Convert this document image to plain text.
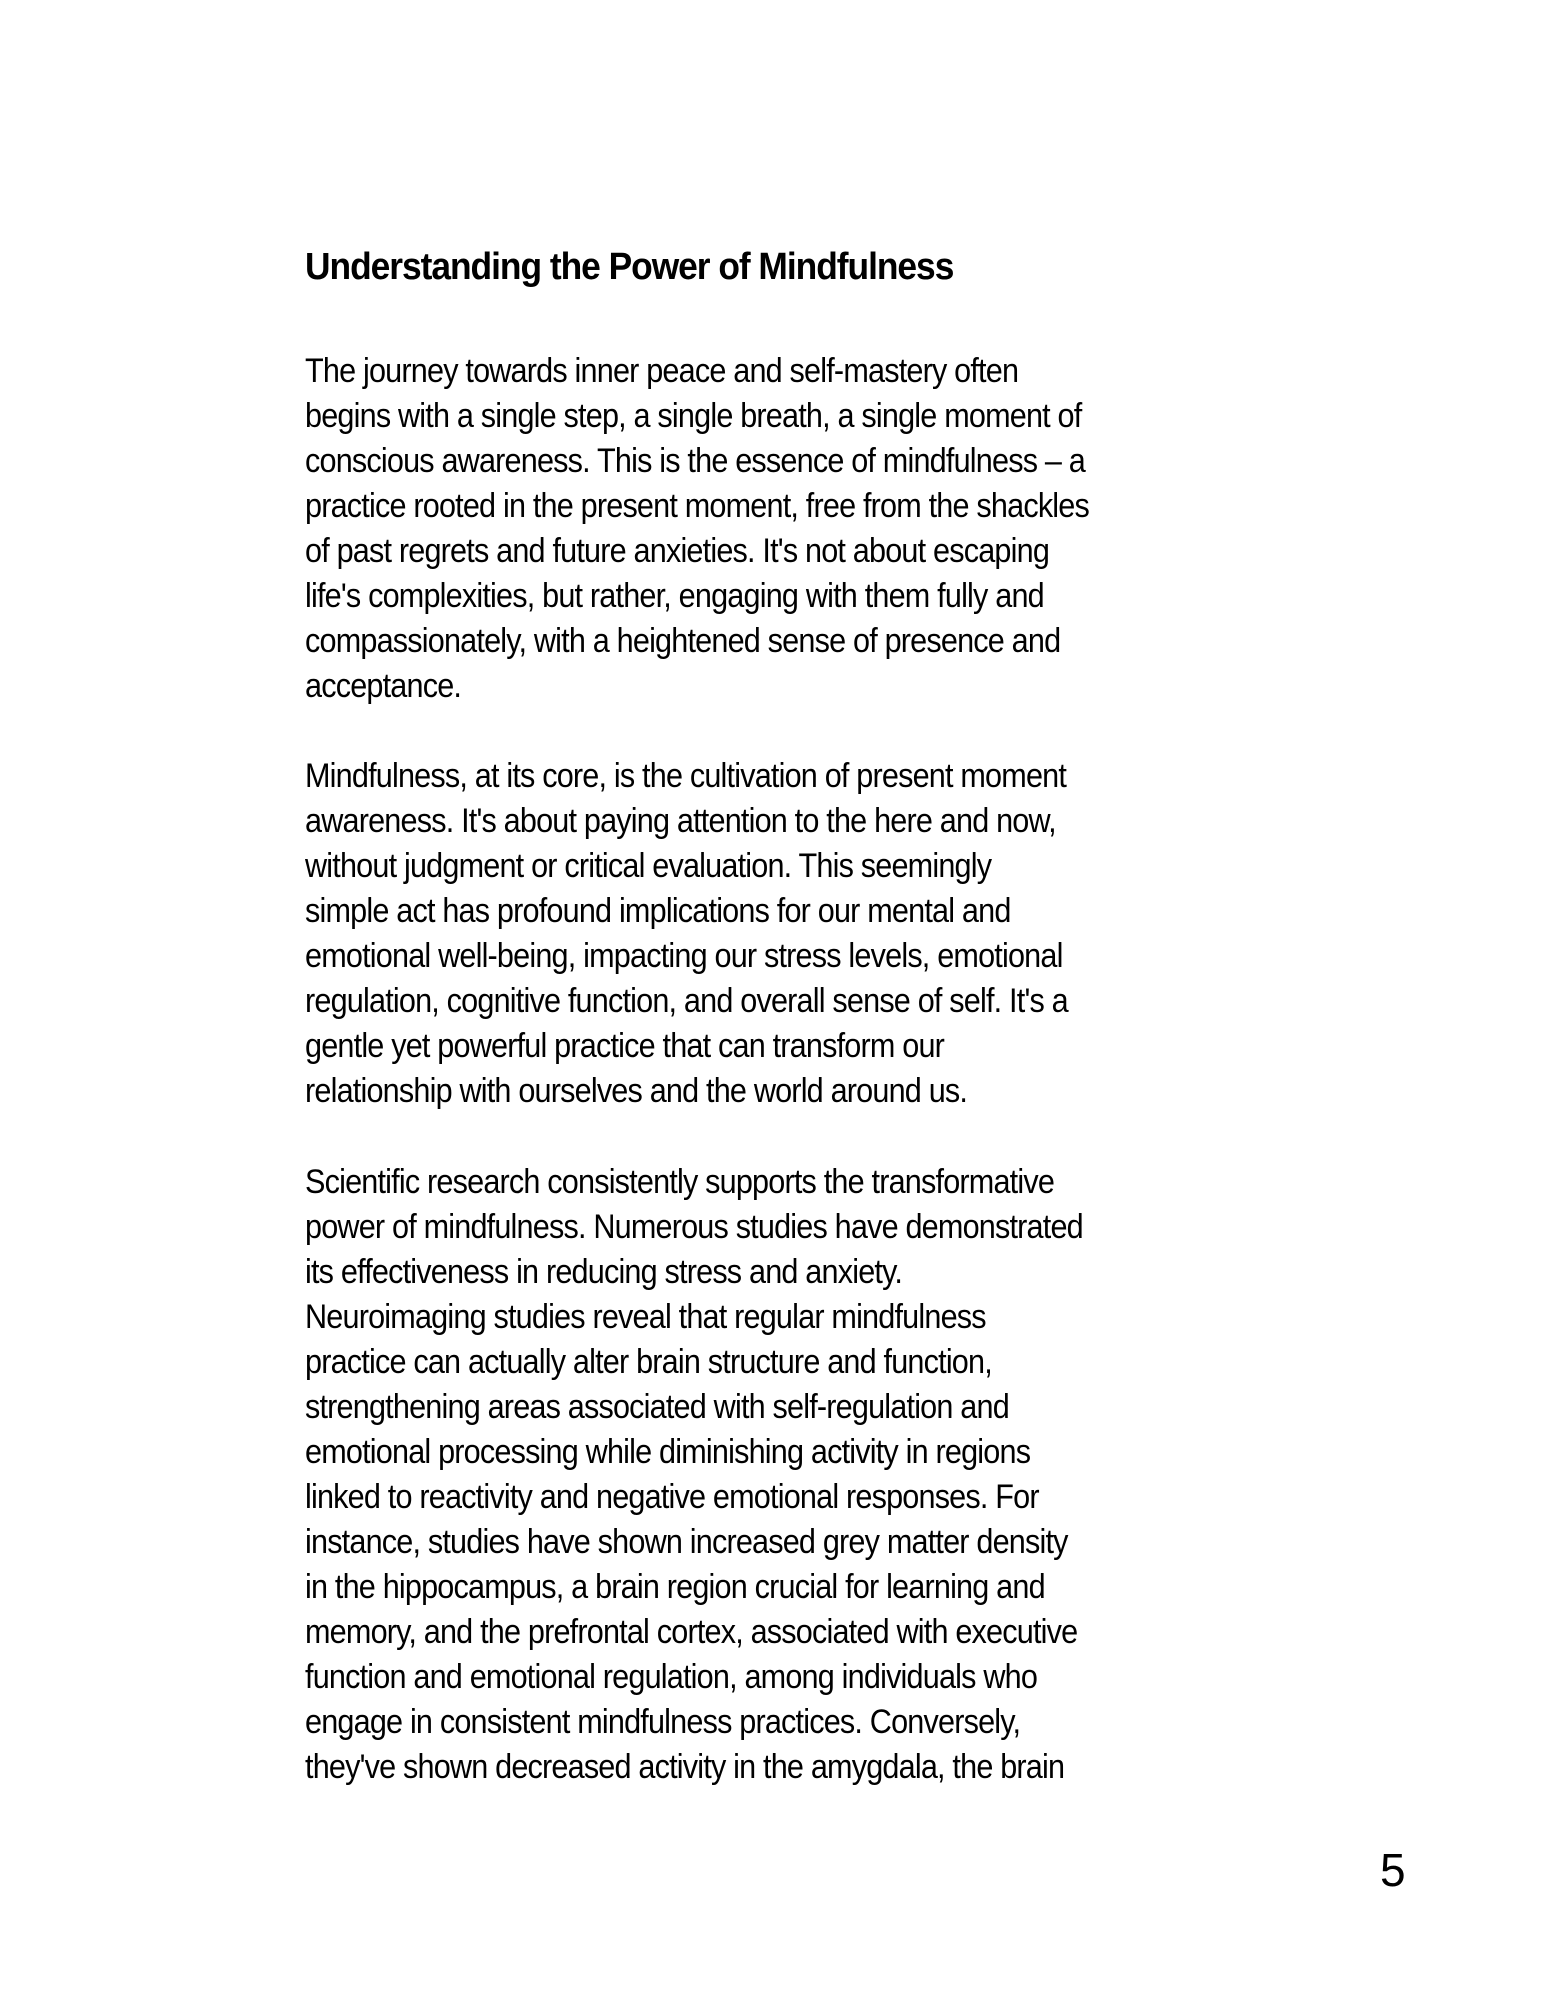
Understanding the Power of Mindfulness

The journey towards inner peace and self-mastery often
begins with a single step, a single breath, a single moment of
conscious awareness. This is the essence of mindfulness – a
practice rooted in the present moment, free from the shackles
of past regrets and future anxieties. It's not about escaping
life's complexities, but rather, engaging with them fully and
compassionately, with a heightened sense of presence and
acceptance.

Mindfulness, at its core, is the cultivation of present moment
awareness. It's about paying attention to the here and now,
without judgment or critical evaluation. This seemingly
simple act has profound implications for our mental and
emotional well-being, impacting our stress levels, emotional
regulation, cognitive function, and overall sense of self. It's a
gentle yet powerful practice that can transform our
relationship with ourselves and the world around us.

Scientific research consistently supports the transformative
power of mindfulness. Numerous studies have demonstrated
its effectiveness in reducing stress and anxiety.
Neuroimaging studies reveal that regular mindfulness
practice can actually alter brain structure and function,
strengthening areas associated with self-regulation and
emotional processing while diminishing activity in regions
linked to reactivity and negative emotional responses. For
instance, studies have shown increased grey matter density
in the hippocampus, a brain region crucial for learning and
memory, and the prefrontal cortex, associated with executive
function and emotional regulation, among individuals who
engage in consistent mindfulness practices. Conversely,
they've shown decreased activity in the amygdala, the brain

5
